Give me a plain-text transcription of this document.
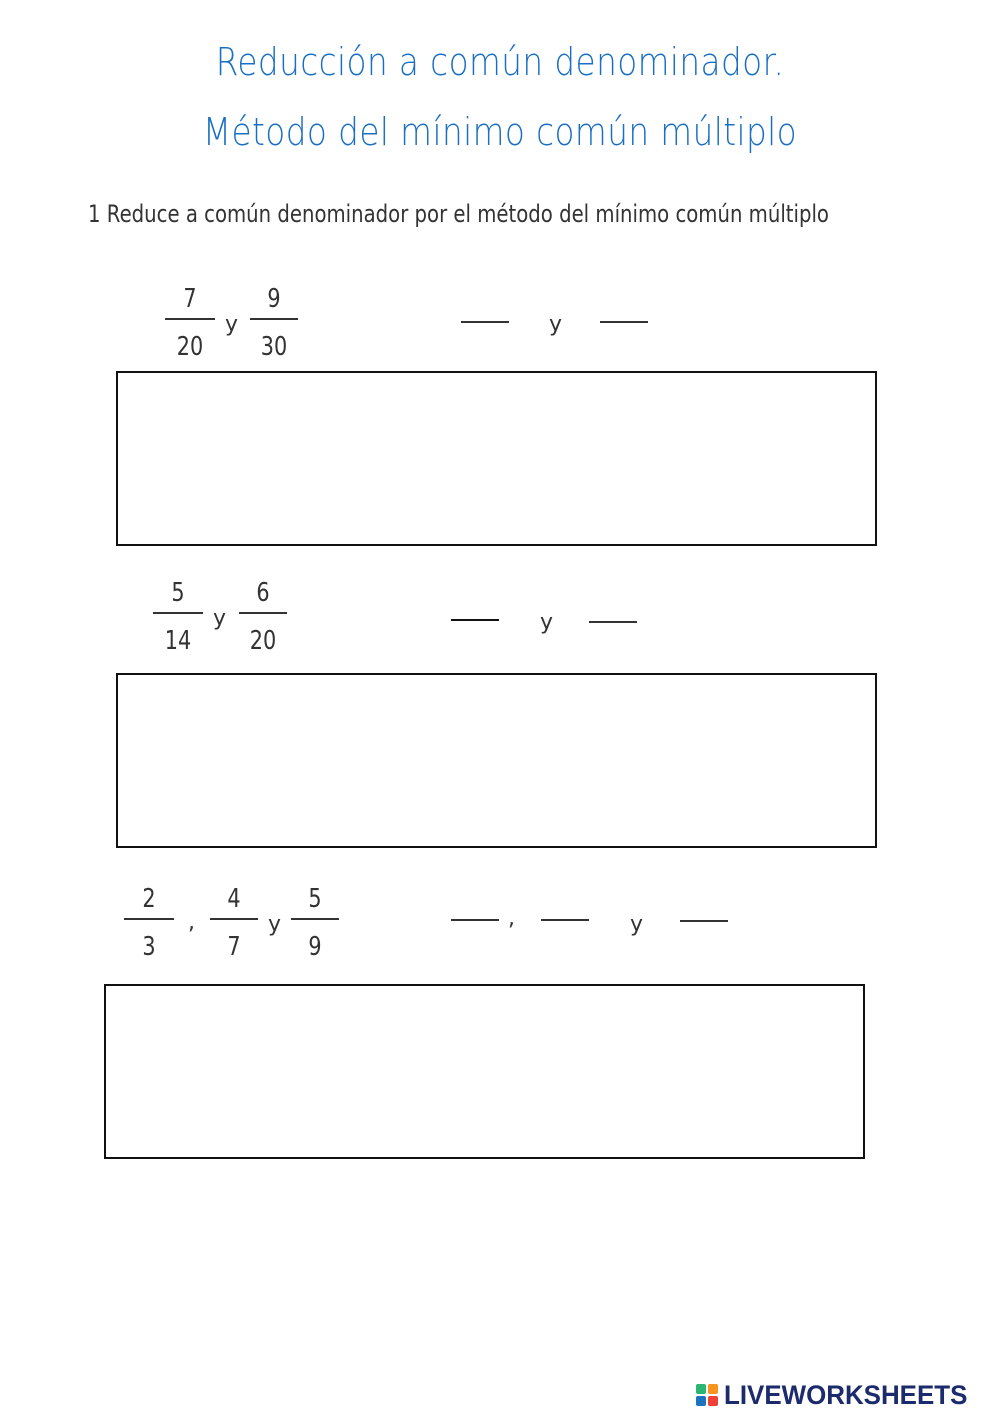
Reducción a común denominador.
Método del mínimo común múltiplo
1 Reduce a común denominador por el método del mínimo común múltiplo
7
20
y
9
30
y
5
14
y
6
20
y
2
3
,
4
7
y
5
9
,	y
LIVEWORKSHEETS
